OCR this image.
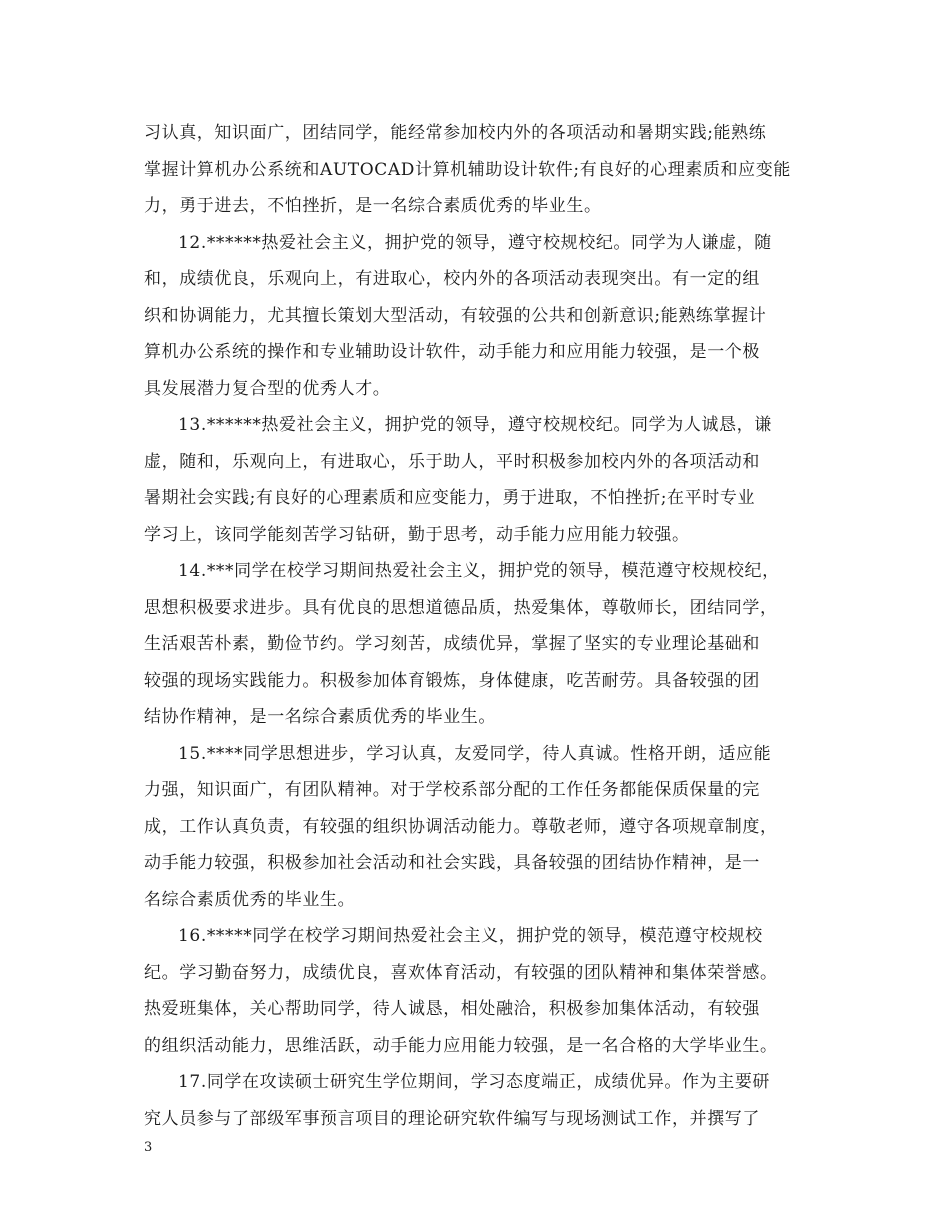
习认真，知识面广，团结同学，能经常参加校内外的各项活动和暑期实践;能熟练
掌握计算机办公系统和AUTOCAD计算机辅助设计软件;有良好的心理素质和应变能
力，勇于进去，不怕挫折，是一名综合素质优秀的毕业生。
12.******热爱社会主义，拥护党的领导，遵守校规校纪。同学为人谦虚，随
和，成绩优良，乐观向上，有进取心，校内外的各项活动表现突出。有一定的组
织和协调能力，尤其擅长策划大型活动，有较强的公共和创新意识;能熟练掌握计
算机办公系统的操作和专业辅助设计软件，动手能力和应用能力较强，是一个极
具发展潜力复合型的优秀人才。
13.******热爱社会主义，拥护党的领导，遵守校规校纪。同学为人诚恳，谦
虚，随和，乐观向上，有进取心，乐于助人，平时积极参加校内外的各项活动和
暑期社会实践;有良好的心理素质和应变能力，勇于进取，不怕挫折;在平时专业
学习上，该同学能刻苦学习钻研，勤于思考，动手能力应用能力较强。
14.***同学在校学习期间热爱社会主义，拥护党的领导，模范遵守校规校纪，
思想积极要求进步。具有优良的思想道德品质，热爱集体，尊敬师长，团结同学，
生活艰苦朴素，勤俭节约。学习刻苦，成绩优异，掌握了坚实的专业理论基础和
较强的现场实践能力。积极参加体育锻炼，身体健康，吃苦耐劳。具备较强的团
结协作精神，是一名综合素质优秀的毕业生。
15.****同学思想进步，学习认真，友爱同学，待人真诚。性格开朗，适应能
力强，知识面广，有团队精神。对于学校系部分配的工作任务都能保质保量的完
成，工作认真负责，有较强的组织协调活动能力。尊敬老师，遵守各项规章制度，
动手能力较强，积极参加社会活动和社会实践，具备较强的团结协作精神，是一
名综合素质优秀的毕业生。
16.*****同学在校学习期间热爱社会主义，拥护党的领导，模范遵守校规校
纪。学习勤奋努力，成绩优良，喜欢体育活动，有较强的团队精神和集体荣誉感。
热爱班集体，关心帮助同学，待人诚恳，相处融洽，积极参加集体活动，有较强
的组织活动能力，思维活跃，动手能力应用能力较强，是一名合格的大学毕业生。
17.同学在攻读硕士研究生学位期间，学习态度端正，成绩优异。作为主要研
究人员参与了部级军事预言项目的理论研究软件编写与现场测试工作，并撰写了
3
